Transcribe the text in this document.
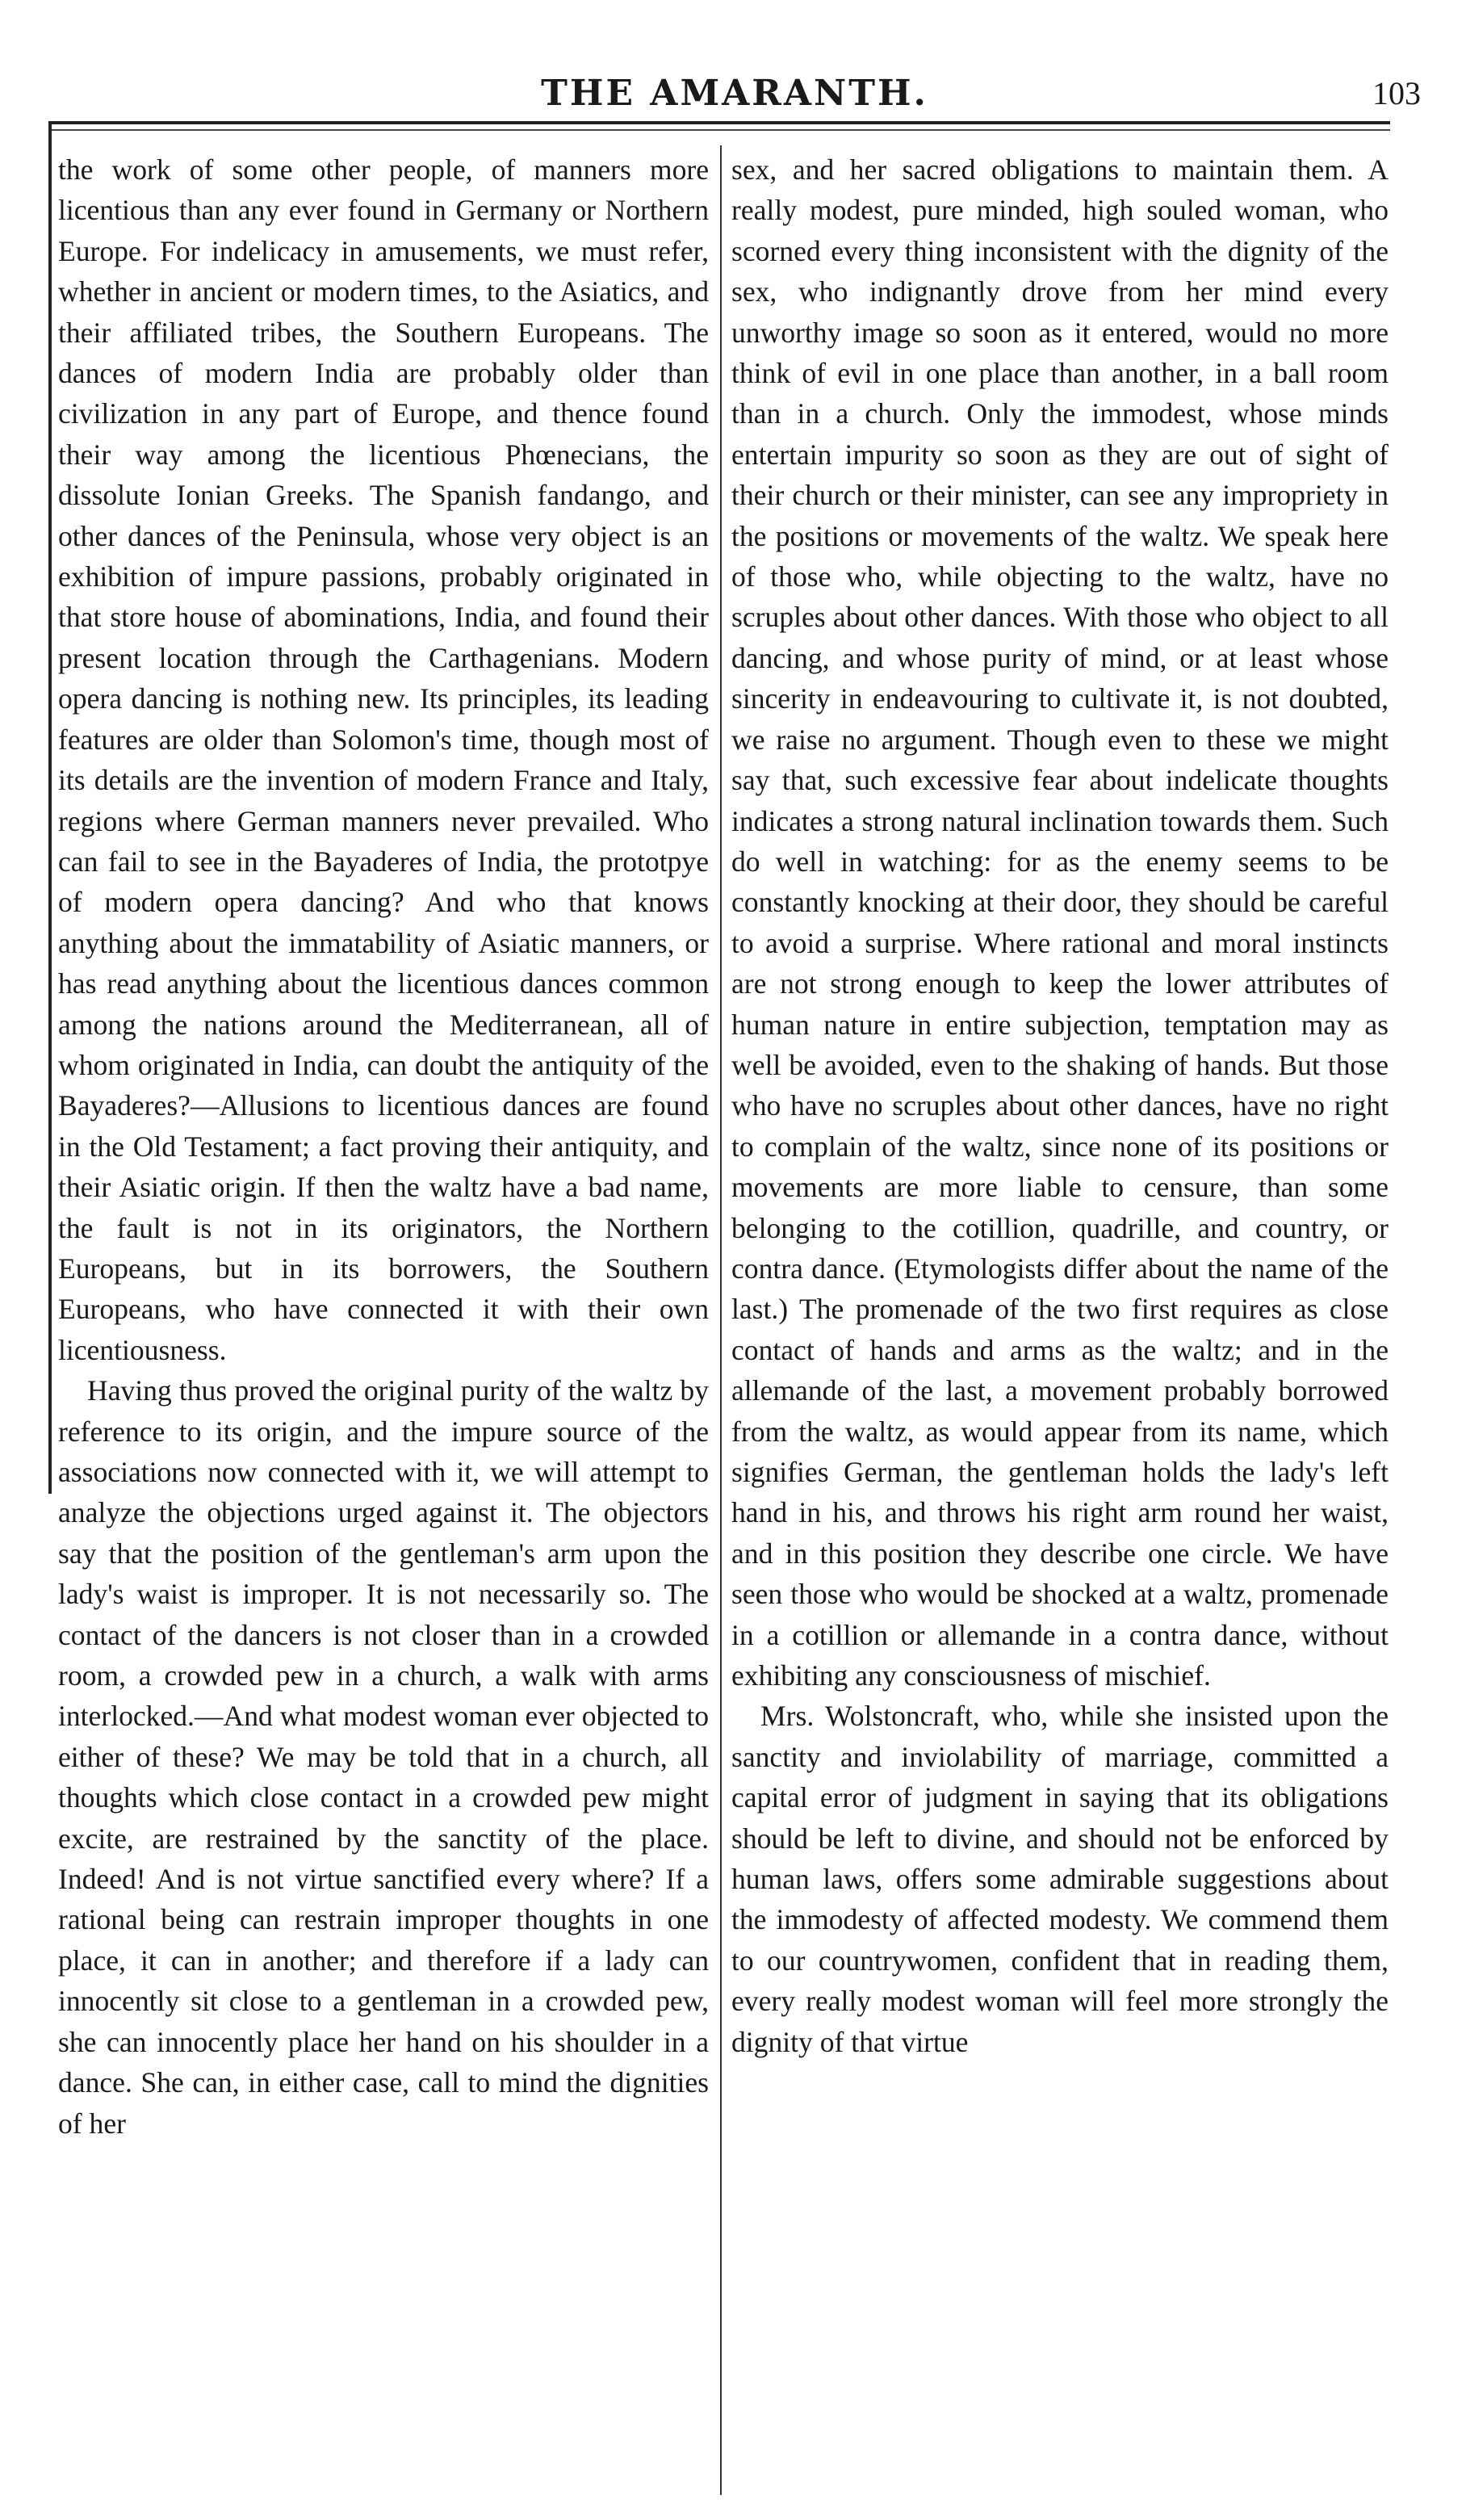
THE AMARANTH.	103

the work of some other people, of manners more licentious than any ever found in Germany or Northern Europe. For indelicacy in amusements, we must refer, whether in ancient or modern times, to the Asiatics, and their affiliated tribes, the Southern Europeans. The dances of modern India are probably older than civilization in any part of Europe, and thence found their way among the licentious Phœnecians, the dissolute Ionian Greeks. The Spanish fandango, and other dances of the Peninsula, whose very object is an exhibition of impure passions, probably originated in that store house of abominations, India, and found their present location through the Carthagenians. Modern opera dancing is nothing new. Its principles, its leading features are older than Solomon's time, though most of its details are the invention of modern France and Italy, regions where German manners never prevailed. Who can fail to see in the Bayaderes of India, the prototpye of modern opera dancing? And who that knows anything about the immatability of Asiatic manners, or has read anything about the licentious dances common among the nations around the Mediterranean, all of whom originated in India, can doubt the antiquity of the Bayaderes?—Allusions to licentious dances are found in the Old Testament; a fact proving their antiquity, and their Asiatic origin. If then the waltz have a bad name, the fault is not in its originators, the Northern Europeans, but in its borrowers, the Southern Europeans, who have connected it with their own licentiousness.

Having thus proved the original purity of the waltz by reference to its origin, and the impure source of the associations now connected with it, we will attempt to analyze the objections urged against it. The objectors say that the position of the gentleman's arm upon the lady's waist is improper. It is not necessarily so. The contact of the dancers is not closer than in a crowded room, a crowded pew in a church, a walk with arms interlocked.—And what modest woman ever objected to either of these? We may be told that in a church, all thoughts which close contact in a crowded pew might excite, are restrained by the sanctity of the place. Indeed! And is not virtue sanctified every where? If a rational being can restrain improper thoughts in one place, it can in another; and therefore if a lady can innocently sit close to a gentleman in a crowded pew, she can innocently place her hand on his shoulder in a dance. She can, in either case, call to mind the dignities of her

sex, and her sacred obligations to maintain them. A really modest, pure minded, high souled woman, who scorned every thing inconsistent with the dignity of the sex, who indignantly drove from her mind every unworthy image so soon as it entered, would no more think of evil in one place than another, in a ball room than in a church. Only the immodest, whose minds entertain impurity so soon as they are out of sight of their church or their minister, can see any impropriety in the positions or movements of the waltz. We speak here of those who, while objecting to the waltz, have no scruples about other dances. With those who object to all dancing, and whose purity of mind, or at least whose sincerity in endeavouring to cultivate it, is not doubted, we raise no argument. Though even to these we might say that, such excessive fear about indelicate thoughts indicates a strong natural inclination towards them. Such do well in watching: for as the enemy seems to be constantly knocking at their door, they should be careful to avoid a surprise. Where rational and moral instincts are not strong enough to keep the lower attributes of human nature in entire subjection, temptation may as well be avoided, even to the shaking of hands. But those who have no scruples about other dances, have no right to complain of the waltz, since none of its positions or movements are more liable to censure, than some belonging to the cotillion, quadrille, and country, or contra dance. (Etymologists differ about the name of the last.) The promenade of the two first requires as close contact of hands and arms as the waltz; and in the allemande of the last, a movement probably borrowed from the waltz, as would appear from its name, which signifies German, the gentleman holds the lady's left hand in his, and throws his right arm round her waist, and in this position they describe one circle. We have seen those who would be shocked at a waltz, promenade in a cotillion or allemande in a contra dance, without exhibiting any consciousness of mischief.

Mrs. Wolstoncraft, who, while she insisted upon the sanctity and inviolability of marriage, committed a capital error of judgment in saying that its obligations should be left to divine, and should not be enforced by human laws, offers some admirable suggestions about the immodesty of affected modesty. We commend them to our countrywomen, confident that in reading them, every really modest woman will feel more strongly the dignity of that virtue
